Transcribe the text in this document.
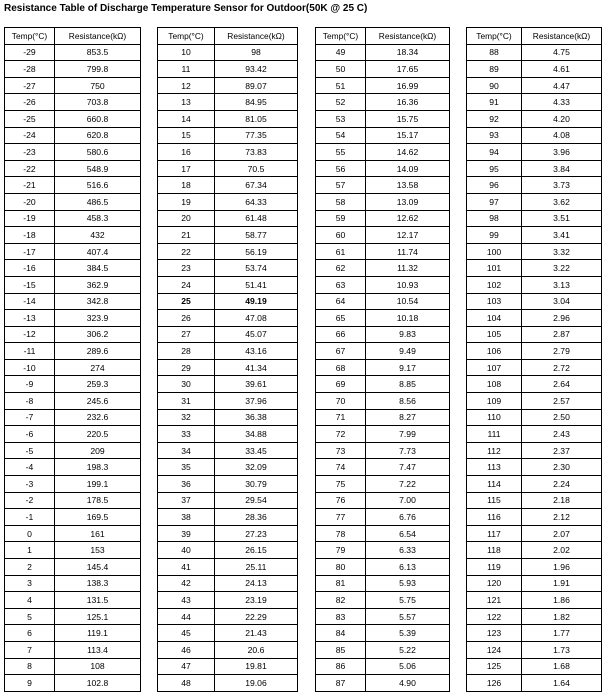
Resistance Table of Discharge Temperature Sensor for Outdoor(50K @ 25 C)
Temp(°C)	Resistance(kΩ)
-29	853.5
-28	799.8
-27	750
-26	703.8
-25	660.8
-24	620.8
-23	580.6
-22	548.9
-21	516.6
-20	486.5
-19	458.3
-18	432
-17	407.4
-16	384.5
-15	362.9
-14	342.8
-13	323.9
-12	306.2
-11	289.6
-10	274
-9	259.3
-8	245.6
-7	232.6
-6	220.5
-5	209
-4	198.3
-3	199.1
-2	178.5
-1	169.5
0	161
1	153
2	145.4
3	138.3
4	131.5
5	125.1
6	119.1
7	113.4
8	108
9	102.8
Temp(°C)	Resistance(kΩ)
10	98
11	93.42
12	89.07
13	84.95
14	81.05
15	77.35
16	73.83
17	70.5
18	67.34
19	64.33
20	61.48
21	58.77
22	56.19
23	53.74
24	51.41
25	49.19
26	47.08
27	45.07
28	43.16
29	41.34
30	39.61
31	37.96
32	36.38
33	34.88
34	33.45
35	32.09
36	30.79
37	29.54
38	28.36
39	27.23
40	26.15
41	25.11
42	24.13
43	23.19
44	22.29
45	21.43
46	20.6
47	19.81
48	19.06
Temp(°C)	Resistance(kΩ)
49	18.34
50	17.65
51	16.99
52	16.36
53	15.75
54	15.17
55	14.62
56	14.09
57	13.58
58	13.09
59	12.62
60	12.17
61	11.74
62	11.32
63	10.93
64	10.54
65	10.18
66	9.83
67	9.49
68	9.17
69	8.85
70	8.56
71	8.27
72	7.99
73	7.73
74	7.47
75	7.22
76	7.00
77	6.76
78	6.54
79	6.33
80	6.13
81	5.93
82	5.75
83	5.57
84	5.39
85	5.22
86	5.06
87	4.90
Temp(°C)	Resistance(kΩ)
88	4.75
89	4.61
90	4.47
91	4.33
92	4.20
93	4.08
94	3.96
95	3.84
96	3.73
97	3.62
98	3.51
99	3.41
100	3.32
101	3.22
102	3.13
103	3.04
104	2.96
105	2.87
106	2.79
107	2.72
108	2.64
109	2.57
110	2.50
111	2.43
112	2.37
113	2.30
114	2.24
115	2.18
116	2.12
117	2.07
118	2.02
119	1.96
120	1.91
121	1.86
122	1.82
123	1.77
124	1.73
125	1.68
126	1.64
